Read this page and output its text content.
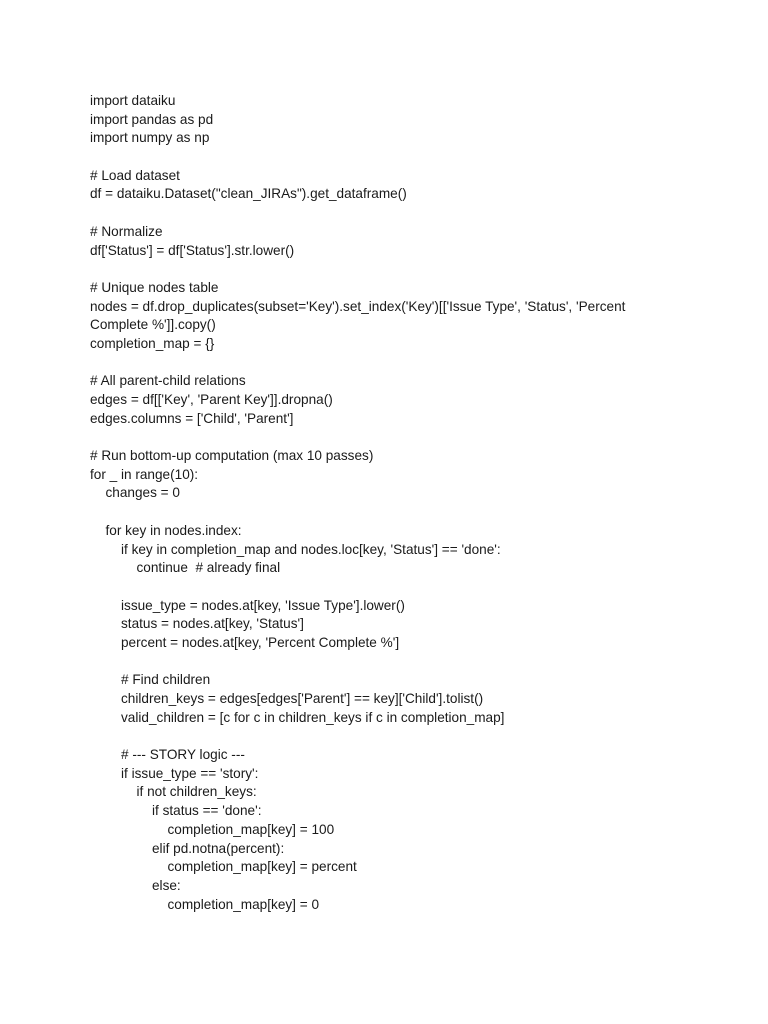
import dataiku

import pandas as pd

import numpy as np

# Load dataset

df = dataiku.Dataset("clean_JIRAs").get_dataframe()

# Normalize

df['Status'] = df['Status'].str.lower()

# Unique nodes table

nodes = df.drop_duplicates(subset='Key').set_index('Key')[['Issue Type', 'Status', 'Percent

Complete %']].copy()

completion_map = {}

# All parent-child relations

edges = df[['Key', 'Parent Key']].dropna()

edges.columns = ['Child', 'Parent']

# Run bottom-up computation (max 10 passes)

for _ in range(10):

changes = 0

for key in nodes.index:

if key in completion_map and nodes.loc[key, 'Status'] == 'done':

continue  # already final

issue_type = nodes.at[key, 'Issue Type'].lower()

status = nodes.at[key, 'Status']

percent = nodes.at[key, 'Percent Complete %']

# Find children

children_keys = edges[edges['Parent'] == key]['Child'].tolist()

valid_children = [c for c in children_keys if c in completion_map]

# --- STORY logic ---

if issue_type == 'story':

if not children_keys:

if status == 'done':

completion_map[key] = 100

elif pd.notna(percent):

completion_map[key] = percent

else:

completion_map[key] = 0
